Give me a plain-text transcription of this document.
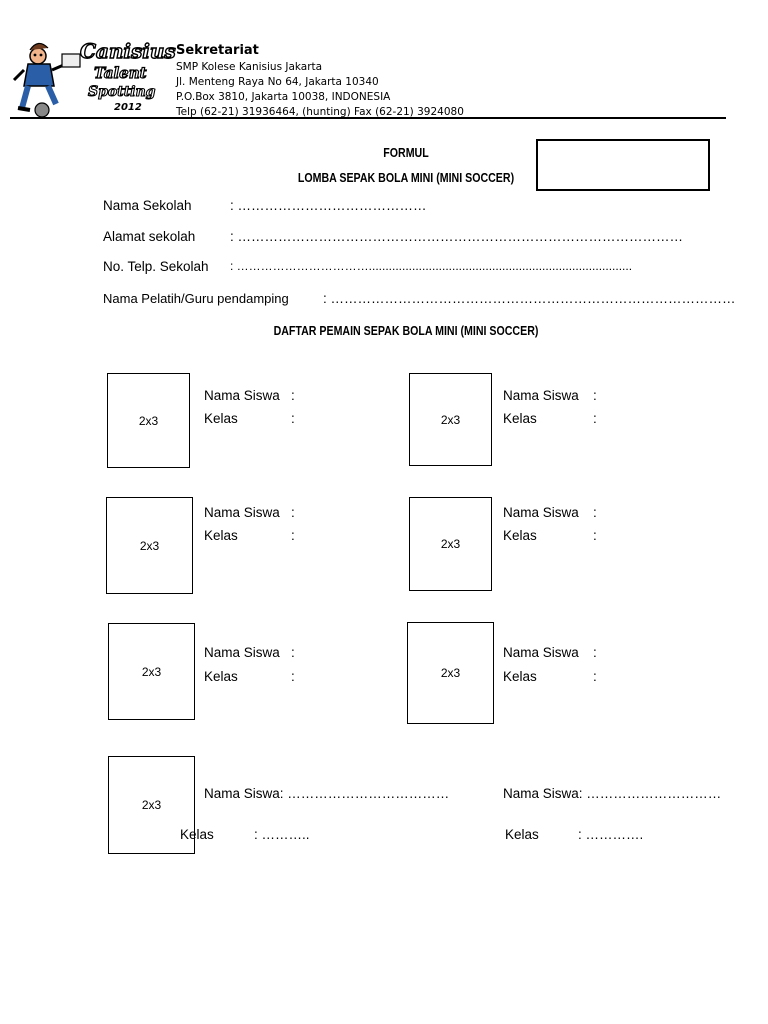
Canisius
Talent
Spotting
2012
Sekretariat
SMP Kolese Kanisius Jakarta
Jl. Menteng Raya No 64, Jakarta 10340
P.O.Box 3810, Jakarta 10038, INDONESIA
Telp (62-21) 31936464, (hunting) Fax (62-21) 3924080
FORMUL
LOMBA SEPAK BOLA MINI (MINI SOCCER)
Nama Sekolah	: ……………………………………
Alamat sekolah	: ………………………………………………………………………………………
No. Telp. Sekolah : ……………………………...............................................................................
Nama Pelatih/Guru pendamping	: ………………………………………………………………………………
DAFTAR PEMAIN SEPAK BOLA MINI (MINI SOCCER)
2x3
Nama Siswa :
Kelas	:	2x3
Nama Siswa :
Kelas	:
2x3
Nama Siswa :
Kelas	:
2x3
Nama Siswa :
Kelas	:
2x3
Nama Siswa :
Kelas	:	2x3
Nama Siswa :
Kelas	:
2x3
Nama Siswa: ………………………………	Nama Siswa: …………………………
Kelas	: ………..	Kelas	: ………….
